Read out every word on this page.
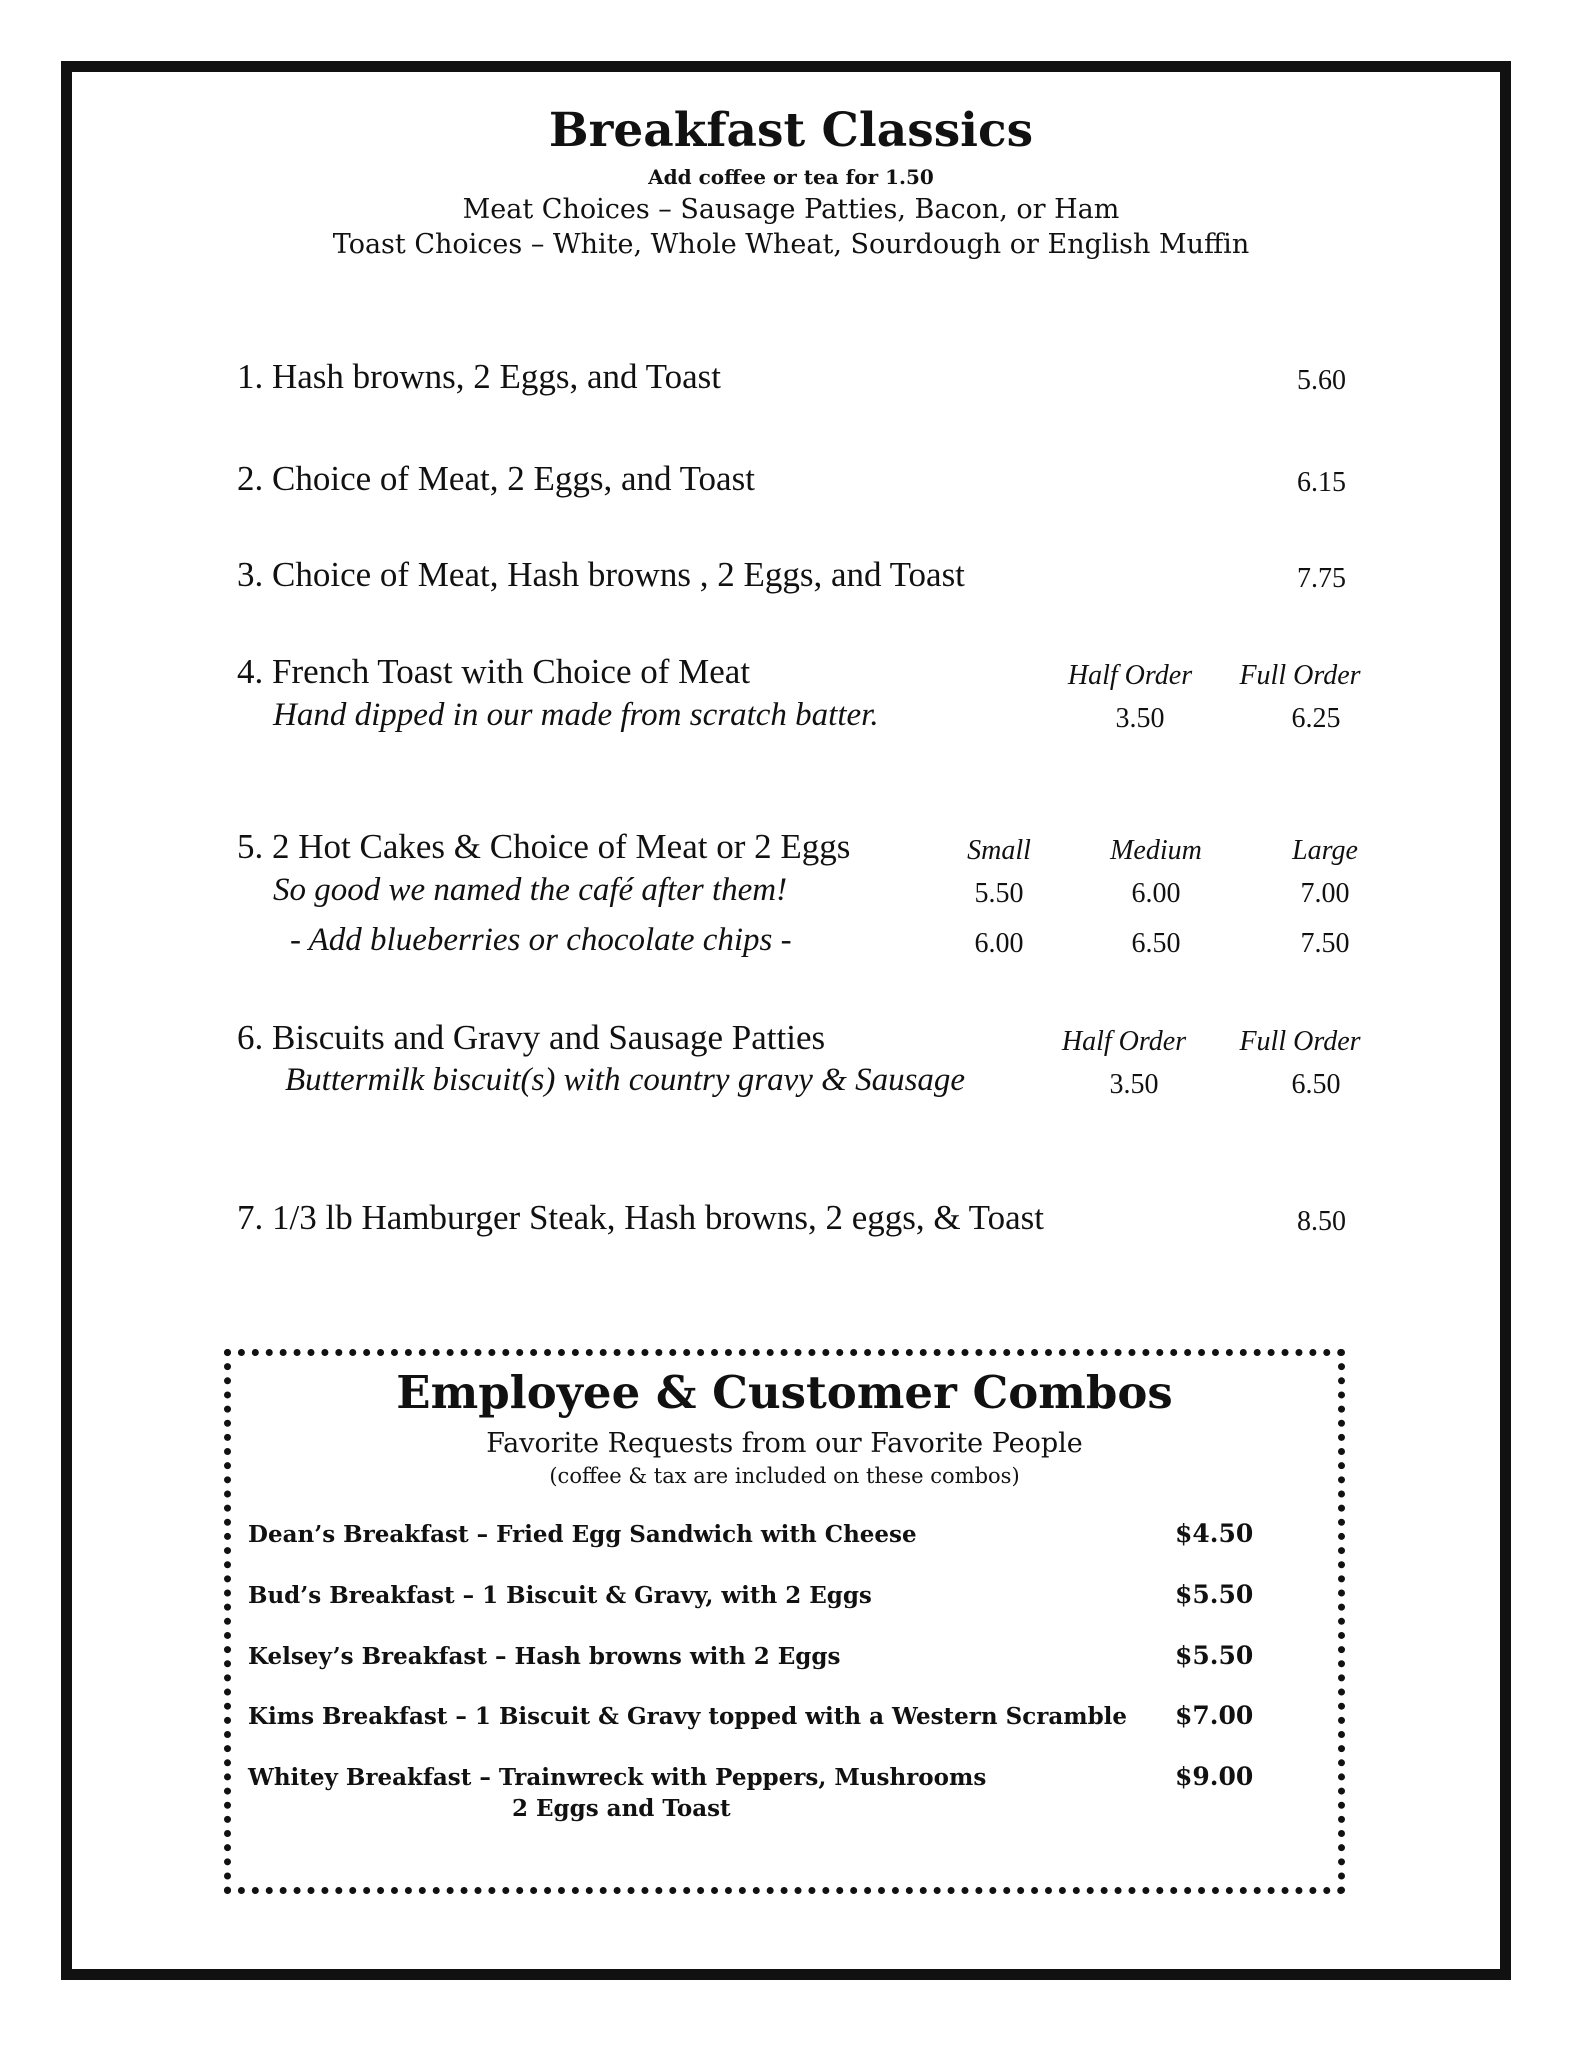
Breakfast Classics
Add coffee or tea for 1.50
Meat Choices – Sausage Patties, Bacon, or Ham
Toast Choices – White, Whole Wheat, Sourdough or English Muffin
1. Hash browns, 2 Eggs, and Toast	5.60
2. Choice of Meat, 2 Eggs, and Toast	6.15
3. Choice of Meat, Hash browns , 2 Eggs, and Toast	7.75
4. French Toast with Choice of Meat
Hand dipped in our made from scratch batter.
Half Order	Full Order
3.50	6.25
5. 2 Hot Cakes & Choice of Meat or 2 Eggs
So good we named the café after them!
- Add blueberries or chocolate chips -
Small	Medium	Large
5.50	6.00	7.00
6.00	6.50	7.50
6. Biscuits and Gravy and Sausage Patties
Buttermilk biscuit(s) with country gravy & Sausage
Half Order	Full Order
3.50	6.50
7. 1/3 lb Hamburger Steak, Hash browns, 2 eggs, & Toast	8.50
Employee & Customer Combos
Favorite Requests from our Favorite People
(coffee & tax are included on these combos)
Dean’s Breakfast – Fried Egg Sandwich with Cheese	$4.50
Bud’s Breakfast – 1 Biscuit & Gravy, with 2 Eggs	$5.50
Kelsey’s Breakfast – Hash browns with 2 Eggs	$5.50
Kims Breakfast – 1 Biscuit & Gravy topped with a Western Scramble $7.00
Whitey Breakfast – Trainwreck with Peppers, Mushrooms	$9.00
2 Eggs and Toast
